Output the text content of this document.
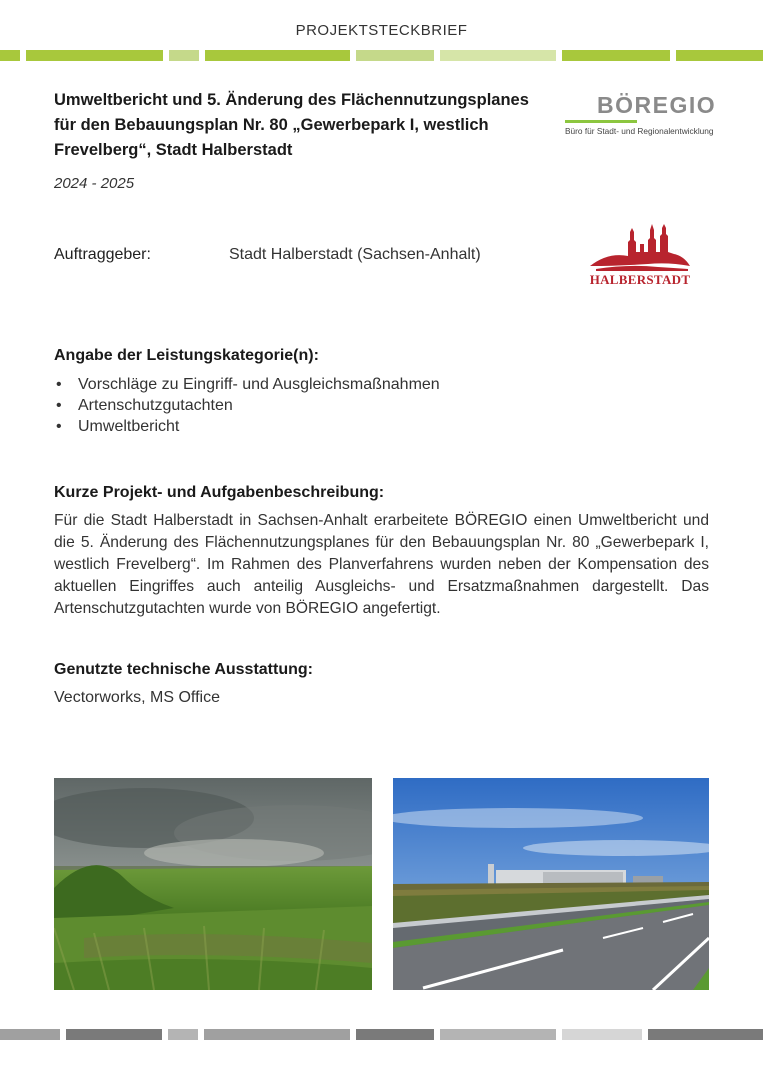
PROJEKTSTECKBRIEF
Umweltbericht und 5. Änderung des Flächennutzungsplanes
für den Bebauungsplan Nr. 80 „Gewerbepark I, westlich
Frevelberg“, Stadt Halberstadt
2024 - 2025
BÖREGIO
Büro für Stadt- und Regionalentwicklung
Auftraggeber:	Stadt Halberstadt (Sachsen-Anhalt)
HALBERSTADT
Angabe der Leistungskategorie(n):
• Vorschläge zu Eingriff- und Ausgleichsmaßnahmen
• Artenschutzgutachten
• Umweltbericht
Kurze Projekt- und Aufgabenbeschreibung:

Für die Stadt Halberstadt in Sachsen-Anhalt erarbeitete BÖREGIO einen Umweltbericht und die 5. Änderung des Flächennutzungsplanes für den Bebauungsplan Nr. 80 „Gewerbepark I, westlich Frevelberg“. Im Rahmen des Planverfahrens wurden neben der Kompensation des aktuellen Eingriffes auch anteilig Ausgleichs- und Ersatzmaßnahmen dargestellt. Das Artenschutzgutachten wurde von BÖREGIO angefertigt.

Genutzte technische Ausstattung:
Vectorworks, MS Office
